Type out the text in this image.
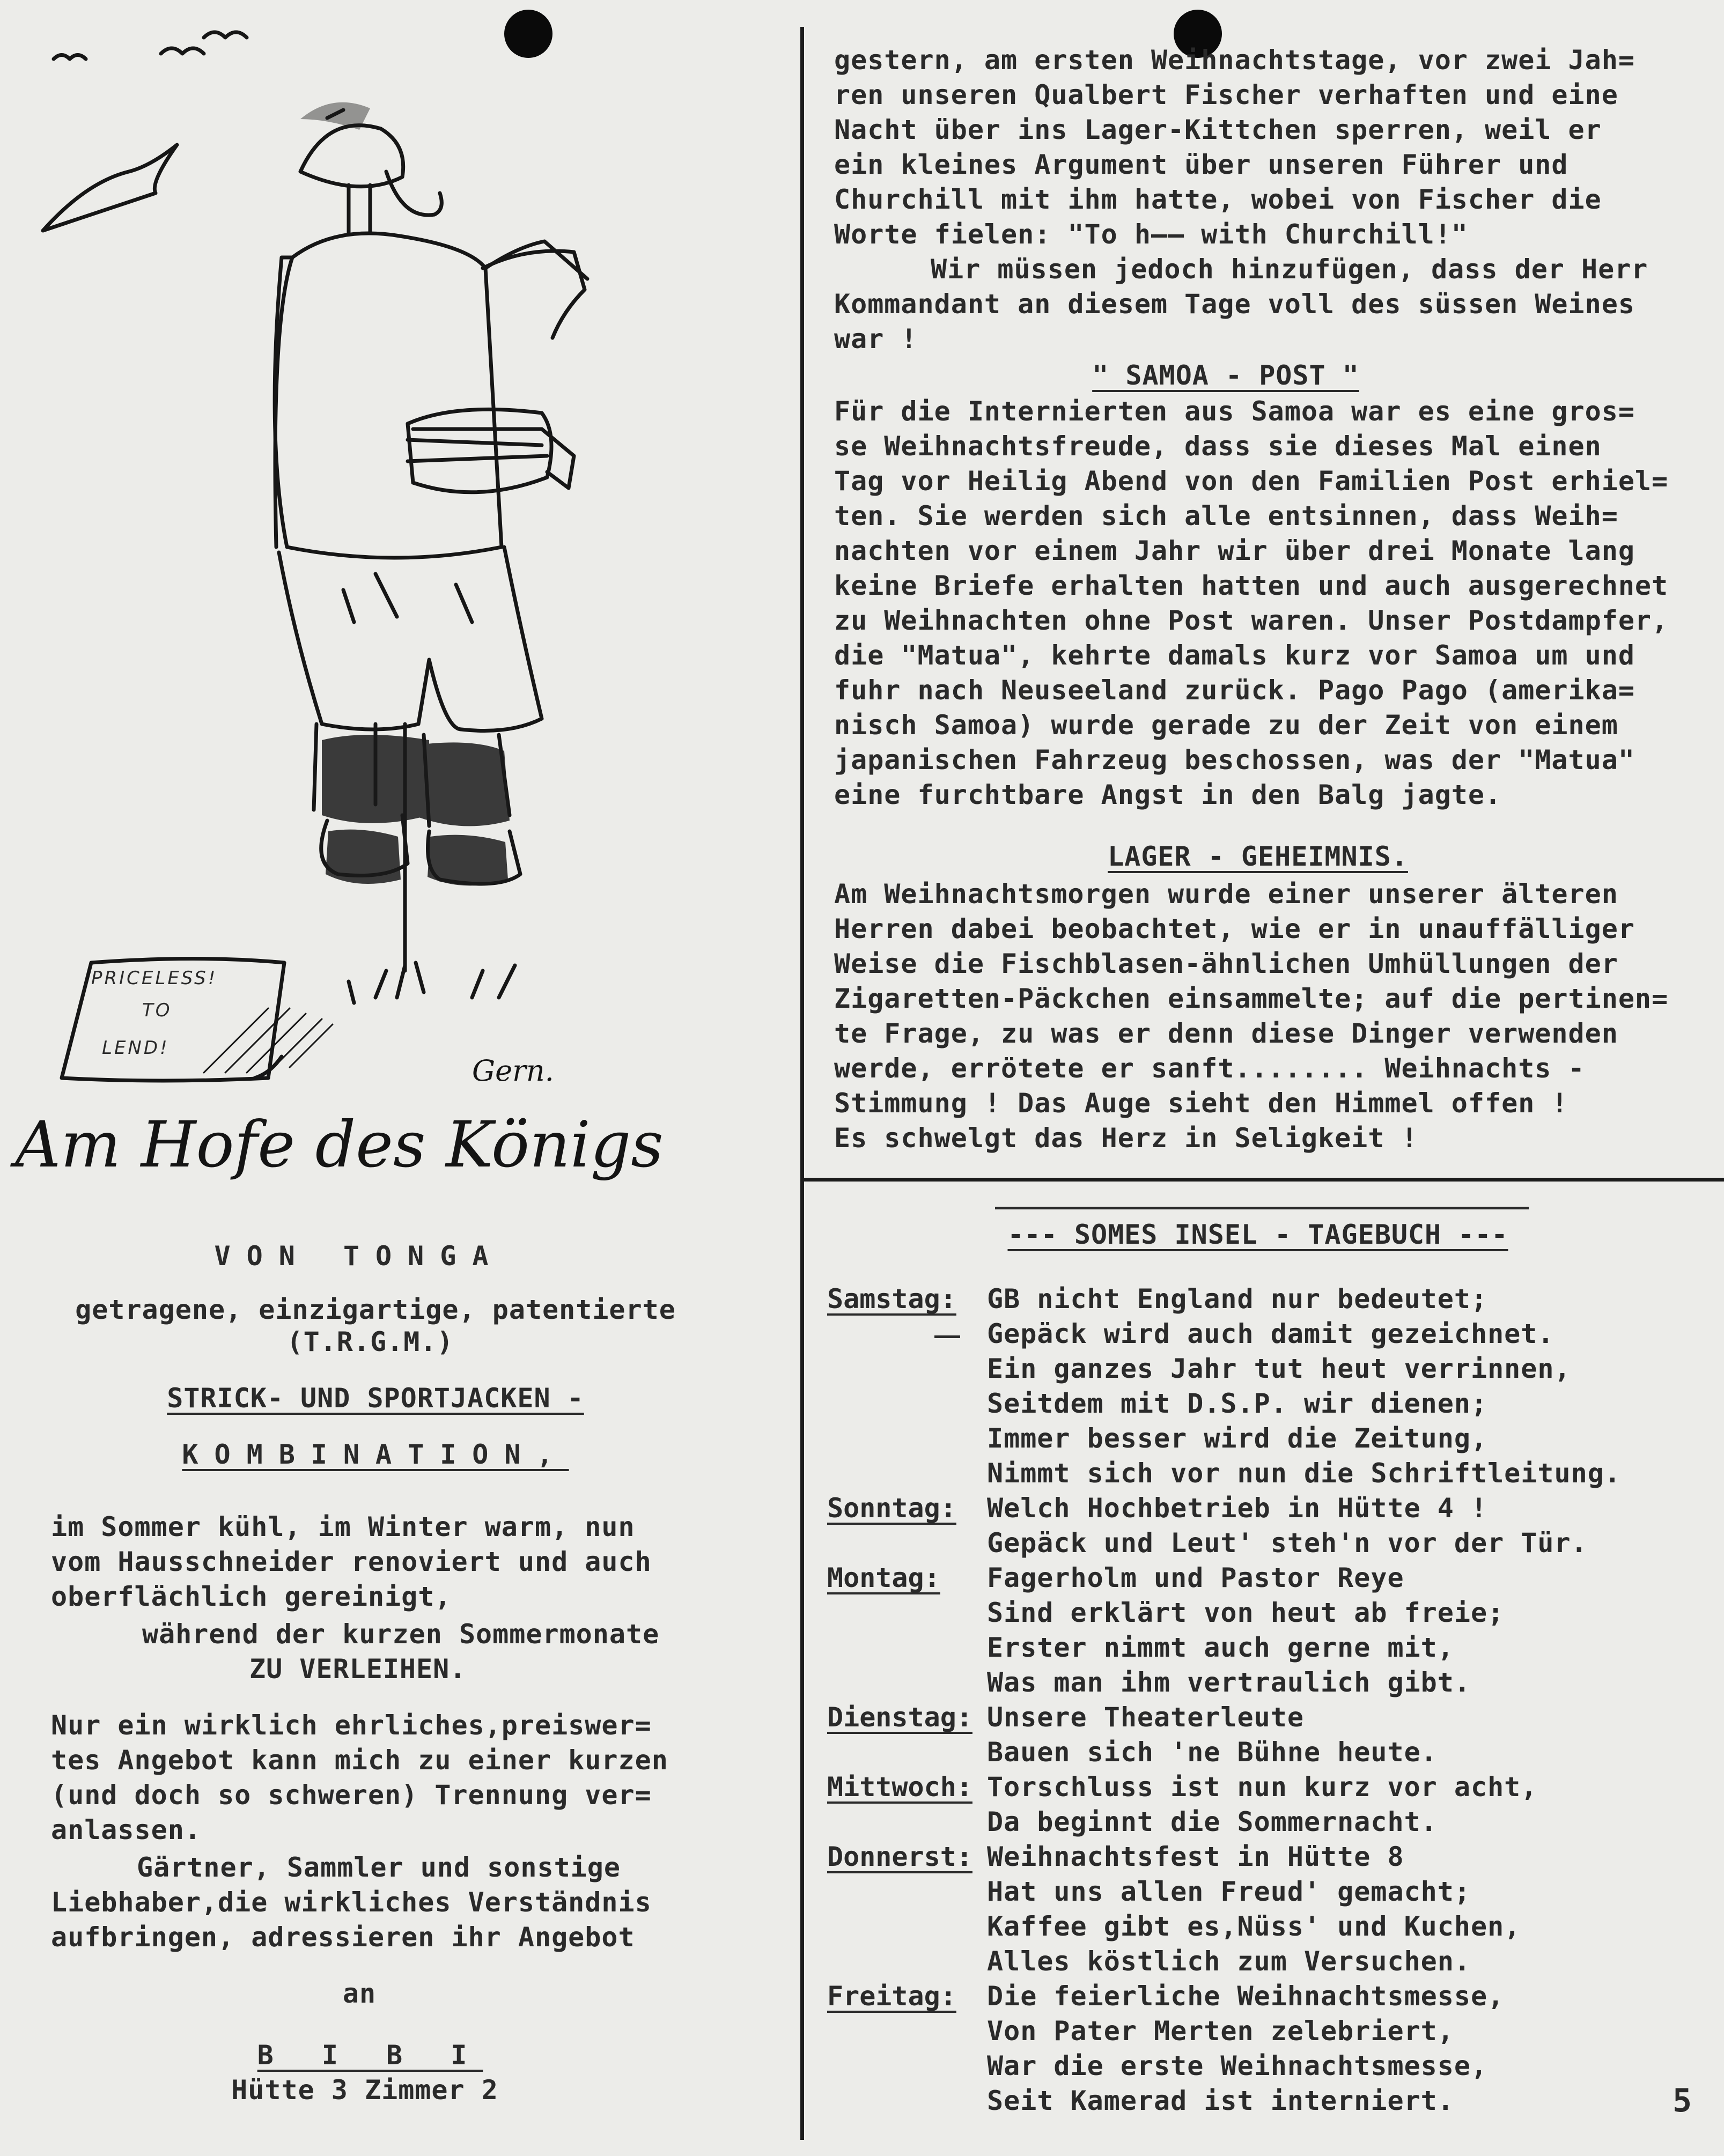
PRICELESS!
TO
LEND!
Gern.
Am Hofe des Königs
VON TONGA
getragene, einzigartige, patentierte
(T.R.G.M.)
STRICK- UND SPORTJACKEN -
KOMBINATION,
im Sommer kühl, im Winter warm, nun
vom Hausschneider renoviert und auch
oberflächlich gereinigt,
während der kurzen Sommermonate
ZU VERLEIHEN.
Nur ein wirklich ehrliches,preiswer=
tes Angebot kann mich zu einer kurzen
(und doch so schweren) Trennung ver=
anlassen.
Gärtner, Sammler und sonstige
Liebhaber,die wirkliches Verständnis
aufbringen, adressieren ihr Angebot
an
B I B I
Hütte 3 Zimmer 2
gestern, am ersten Weihnachtstage, vor zwei Jah=
ren unseren Qualbert Fischer verhaften und eine
Nacht über ins Lager-Kittchen sperren, weil er
ein kleines Argument über unseren Führer und
Churchill mit ihm hatte, wobei von Fischer die
Worte fielen: "To h—— with Churchill!"
Wir müssen jedoch hinzufügen, dass der Herr
Kommandant an diesem Tage voll des süssen Weines
war !
" SAMOA - POST "
Für die Internierten aus Samoa war es eine gros=
se Weihnachtsfreude, dass sie dieses Mal einen
Tag vor Heilig Abend von den Familien Post erhiel=
ten. Sie werden sich alle entsinnen, dass Weih=
nachten vor einem Jahr wir über drei Monate lang
keine Briefe erhalten hatten und auch ausgerechnet
zu Weihnachten ohne Post waren. Unser Postdampfer,
die "Matua", kehrte damals kurz vor Samoa um und
fuhr nach Neuseeland zurück. Pago Pago (amerika=
nisch Samoa) wurde gerade zu der Zeit von einem
japanischen Fahrzeug beschossen, was der "Matua"
eine furchtbare Angst in den Balg jagte.
LAGER - GEHEIMNIS.
Am Weihnachtsmorgen wurde einer unserer älteren
Herren dabei beobachtet, wie er in unauffälliger
Weise die Fischblasen-ähnlichen Umhüllungen der
Zigaretten-Päckchen einsammelte; auf die pertinen=
te Frage, zu was er denn diese Dinger verwenden
werde, errötete er sanft........ Weihnachts -
Stimmung ! Das Auge sieht den Himmel offen !
Es schwelgt das Herz in Seligkeit !
--- SOMES INSEL - TAGEBUCH ---
Samstag:
Sonntag:
Montag:
Dienstag:
Mittwoch:
Donnerst:
Freitag:
GB nicht England nur bedeutet;
Gepäck wird auch damit gezeichnet.
Ein ganzes Jahr tut heut verrinnen,
Seitdem mit D.S.P. wir dienen;
Immer besser wird die Zeitung,
Nimmt sich vor nun die Schriftleitung.
Welch Hochbetrieb in Hütte 4 !
Gepäck und Leut' steh'n vor der Tür.
Fagerholm und Pastor Reye
Sind erklärt von heut ab freie;
Erster nimmt auch gerne mit,
Was man ihm vertraulich gibt.
Unsere Theaterleute
Bauen sich 'ne Bühne heute.
Torschluss ist nun kurz vor acht,
Da beginnt die Sommernacht.
Weihnachtsfest in Hütte 8
Hat uns allen Freud' gemacht;
Kaffee gibt es,Nüss' und Kuchen,
Alles köstlich zum Versuchen.
Die feierliche Weihnachtsmesse,
Von Pater Merten zelebriert,
War die erste Weihnachtsmesse,
Seit Kamerad ist interniert.	5
